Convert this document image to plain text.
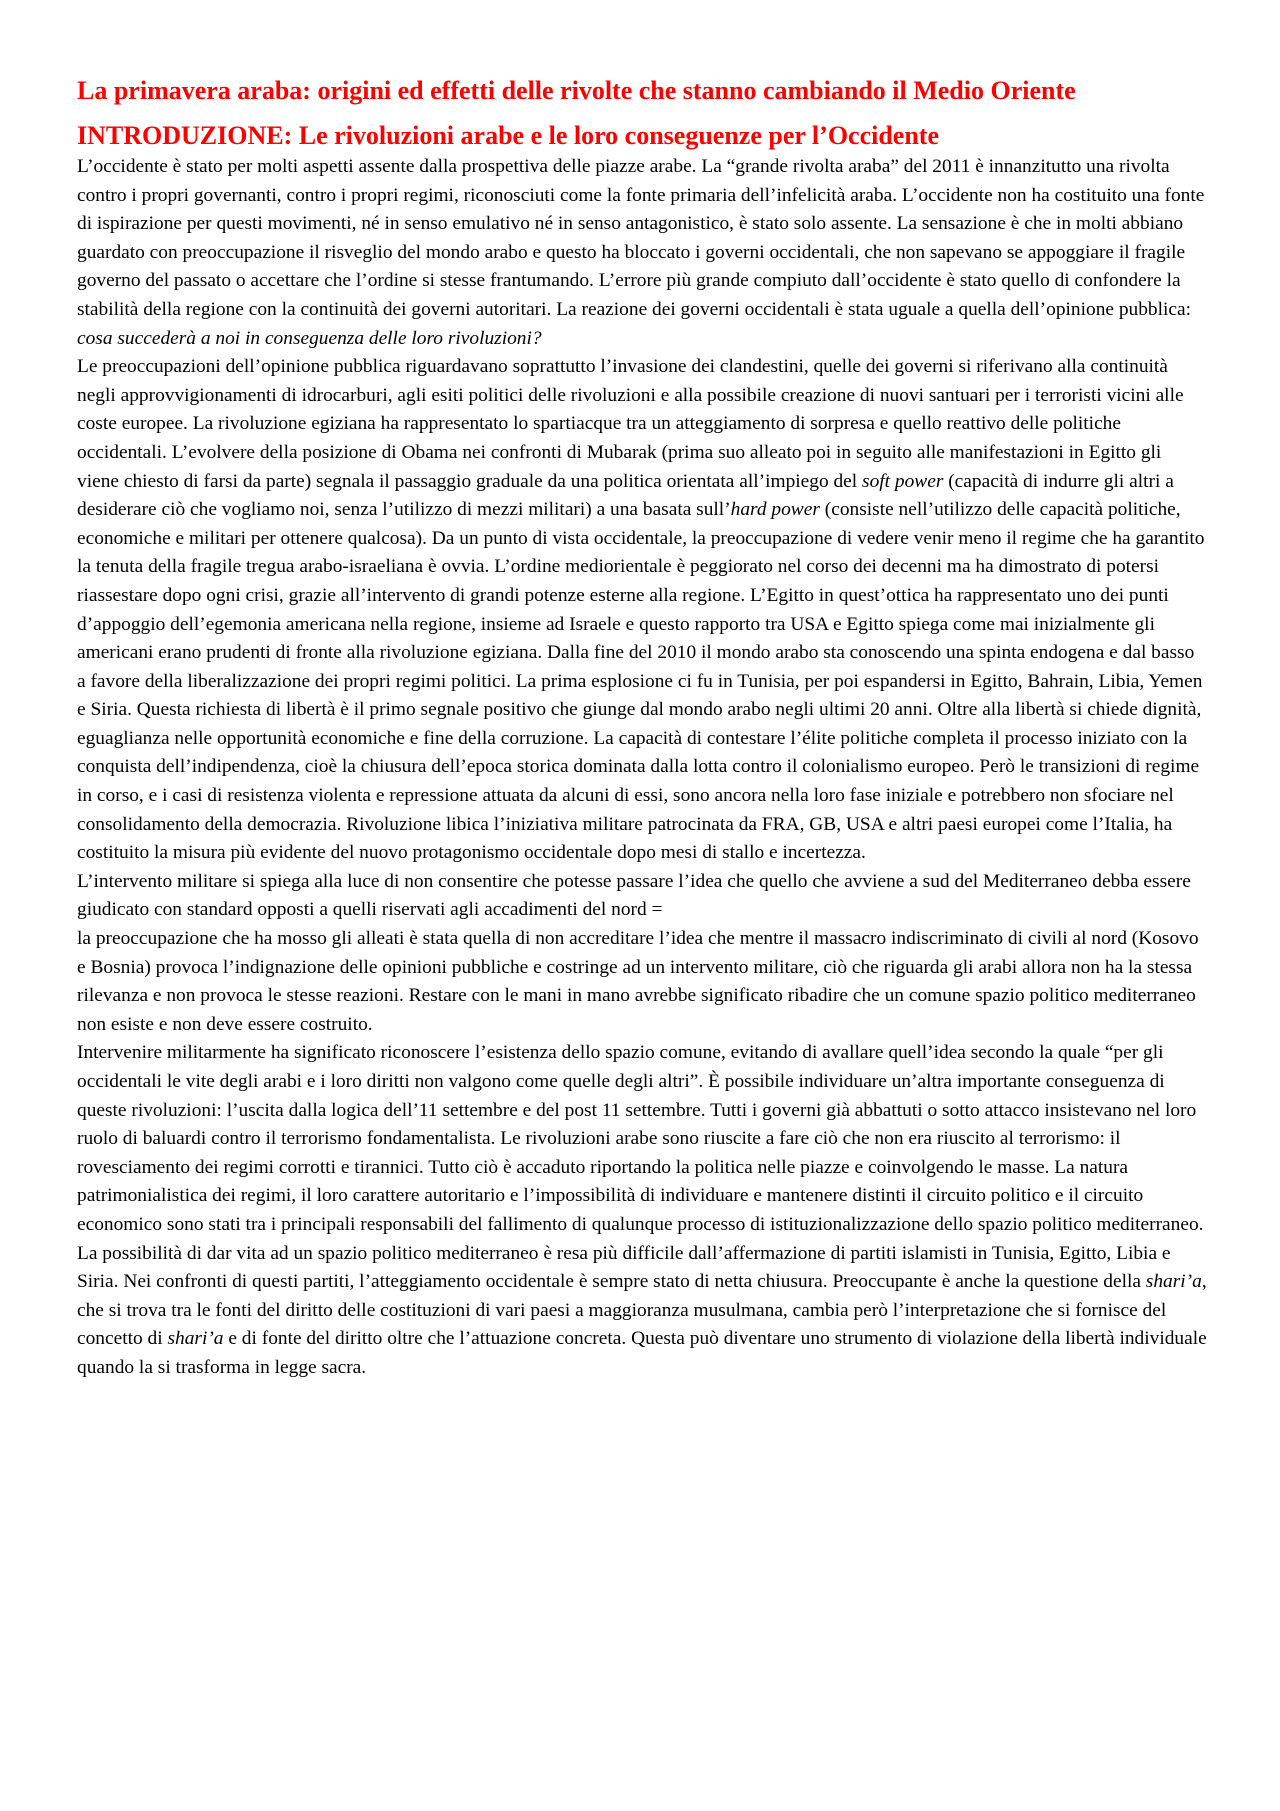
La primavera araba: origini ed effetti delle rivolte che stanno cambiando il Medio Oriente
INTRODUZIONE: Le rivoluzioni arabe e le loro conseguenze per l’Occidente

L’occidente è stato per molti aspetti assente dalla prospettiva delle piazze arabe. La “grande rivolta araba” del 2011 è innanzitutto una rivolta contro i propri governanti, contro i propri regimi, riconosciuti come la fonte primaria dell’infelicità araba. L’occidente non ha costituito una fonte di ispirazione per questi movimenti, né in senso emulativo né in senso antagonistico, è stato solo assente. La sensazione è che in molti abbiano guardato con preoccupazione il risveglio del mondo arabo e questo ha bloccato i governi occidentali, che non sapevano se appoggiare il fragile governo del passato o accettare che l’ordine si stesse frantumando. L’errore più grande compiuto dall’occidente è stato quello di confondere la stabilità della regione con la continuità dei governi autoritari. La reazione dei governi occidentali è stata uguale a quella dell’opinione pubblica: cosa succederà a noi in conseguenza delle loro rivoluzioni?

Le preoccupazioni dell’opinione pubblica riguardavano soprattutto l’invasione dei clandestini, quelle dei governi si riferivano alla continuità negli approvvigionamenti di idrocarburi, agli esiti politici delle rivoluzioni e alla possibile creazione di nuovi santuari per i terroristi vicini alle coste europee. La rivoluzione egiziana ha rappresentato lo spartiacque tra un atteggiamento di sorpresa e quello reattivo delle politiche occidentali. L’evolvere della posizione di Obama nei confronti di Mubarak (prima suo alleato poi in seguito alle manifestazioni in Egitto gli viene chiesto di farsi da parte) segnala il passaggio graduale da una politica orientata all’impiego del soft power (capacità di indurre gli altri a desiderare ciò che vogliamo noi, senza l’utilizzo di mezzi militari) a una basata sull’hard power (consiste nell’utilizzo delle capacità politiche, economiche e militari per ottenere qualcosa). Da un punto di vista occidentale, la preoccupazione di vedere venir meno il regime che ha garantito la tenuta della fragile tregua arabo-israeliana è ovvia. L’ordine mediorientale è peggiorato nel corso dei decenni ma ha dimostrato di potersi riassestare dopo ogni crisi, grazie all’intervento di grandi potenze esterne alla regione. L’Egitto in quest’ottica ha rappresentato uno dei punti d’appoggio dell’egemonia americana nella regione, insieme ad Israele e questo rapporto tra USA e Egitto spiega come mai inizialmente gli americani erano prudenti di fronte alla rivoluzione egiziana. Dalla fine del 2010 il mondo arabo sta conoscendo una spinta endogena e dal basso a favore della liberalizzazione dei propri regimi politici. La prima esplosione ci fu in Tunisia, per poi espandersi in Egitto, Bahrain, Libia, Yemen e Siria. Questa richiesta di libertà è il primo segnale positivo che giunge dal mondo arabo negli ultimi 20 anni. Oltre alla libertà si chiede dignità, eguaglianza nelle opportunità economiche e fine della corruzione. La capacità di contestare l’élite politiche completa il processo iniziato con la conquista dell’indipendenza, cioè la chiusura dell’epoca storica dominata dalla lotta contro il colonialismo europeo. Però le transizioni di regime in corso, e i casi di resistenza violenta e repressione attuata da alcuni di essi, sono ancora nella loro fase iniziale e potrebbero non sfociare nel consolidamento della democrazia. Rivoluzione libica l’iniziativa militare patrocinata da FRA, GB, USA e altri paesi europei come l’Italia, ha costituito la misura più evidente del nuovo protagonismo occidentale dopo mesi di stallo e incertezza.

L’intervento militare si spiega alla luce di non consentire che potesse passare l’idea che quello che avviene a sud del Mediterraneo debba essere giudicato con standard opposti a quelli riservati agli accadimenti del nord =

la preoccupazione che ha mosso gli alleati è stata quella di non accreditare l’idea che mentre il massacro indiscriminato di civili al nord (Kosovo e Bosnia) provoca l’indignazione delle opinioni pubbliche e costringe ad un intervento militare, ciò che riguarda gli arabi allora non ha la stessa rilevanza e non provoca le stesse reazioni. Restare con le mani in mano avrebbe significato ribadire che un comune spazio politico mediterraneo non esiste e non deve essere costruito.

Intervenire militarmente ha significato riconoscere l’esistenza dello spazio comune, evitando di avallare quell’idea secondo la quale “per gli occidentali le vite degli arabi e i loro diritti non valgono come quelle degli altri”. È possibile individuare un’altra importante conseguenza di queste rivoluzioni: l’uscita dalla logica dell’11 settembre e del post 11 settembre. Tutti i governi già abbattuti o sotto attacco insistevano nel loro ruolo di baluardi contro il terrorismo fondamentalista. Le rivoluzioni arabe sono riuscite a fare ciò che non era riuscito al terrorismo: il rovesciamento dei regimi corrotti e tirannici. Tutto ciò è accaduto riportando la politica nelle piazze e coinvolgendo le masse. La natura patrimonialistica dei regimi, il loro carattere autoritario e l’impossibilità di individuare e mantenere distinti il circuito politico e il circuito economico sono stati tra i principali responsabili del fallimento di qualunque processo di istituzionalizzazione dello spazio politico mediterraneo.

La possibilità di dar vita ad un spazio politico mediterraneo è resa più difficile dall’affermazione di partiti islamisti in Tunisia, Egitto, Libia e Siria. Nei confronti di questi partiti, l’atteggiamento occidentale è sempre stato di netta chiusura. Preoccupante è anche la questione della shari’a, che si trova tra le fonti del diritto delle costituzioni di vari paesi a maggioranza musulmana, cambia però l’interpretazione che si fornisce del concetto di shari’a e di fonte del diritto oltre che l’attuazione concreta. Questa può diventare uno strumento di violazione della libertà individuale quando la si trasforma in legge sacra.
